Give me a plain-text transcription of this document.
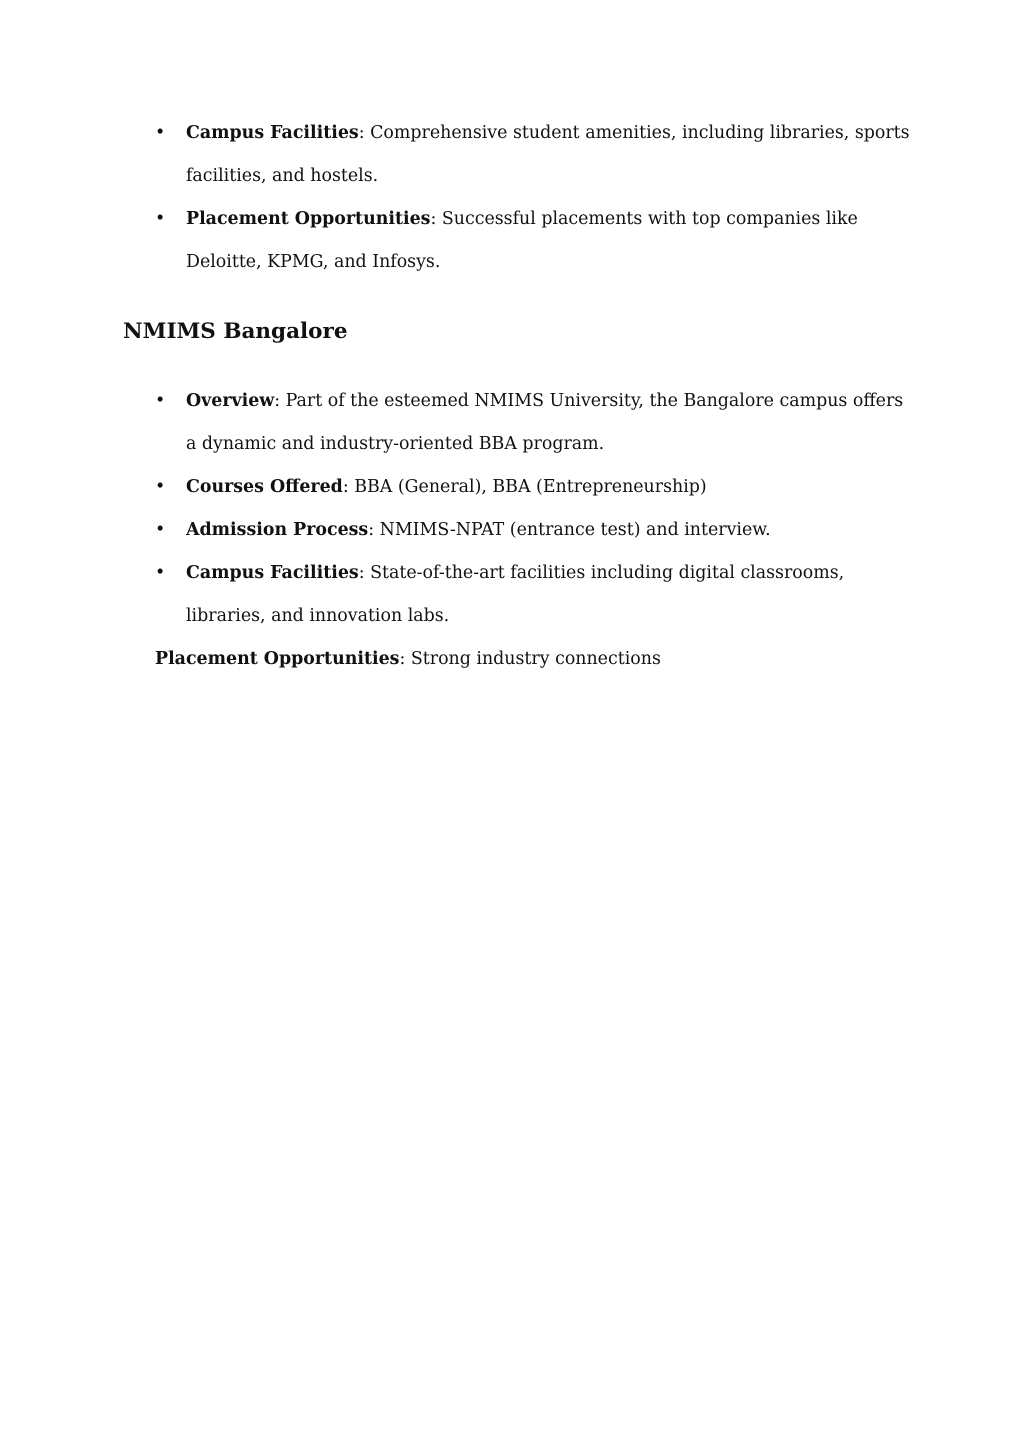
• Campus Facilities: Comprehensive student amenities, including libraries, sports facilities, and hostels.
• Placement Opportunities: Successful placements with top companies like Deloitte, KPMG, and Infosys.
NMIMS Bangalore
• Overview: Part of the esteemed NMIMS University, the Bangalore campus offers a dynamic and industry-oriented BBA program.
• Courses Offered: BBA (General), BBA (Entrepreneurship)
• Admission Process: NMIMS-NPAT (entrance test) and interview.
• Campus Facilities: State-of-the-art facilities including digital classrooms, libraries, and innovation labs.

Placement Opportunities: Strong industry connections
